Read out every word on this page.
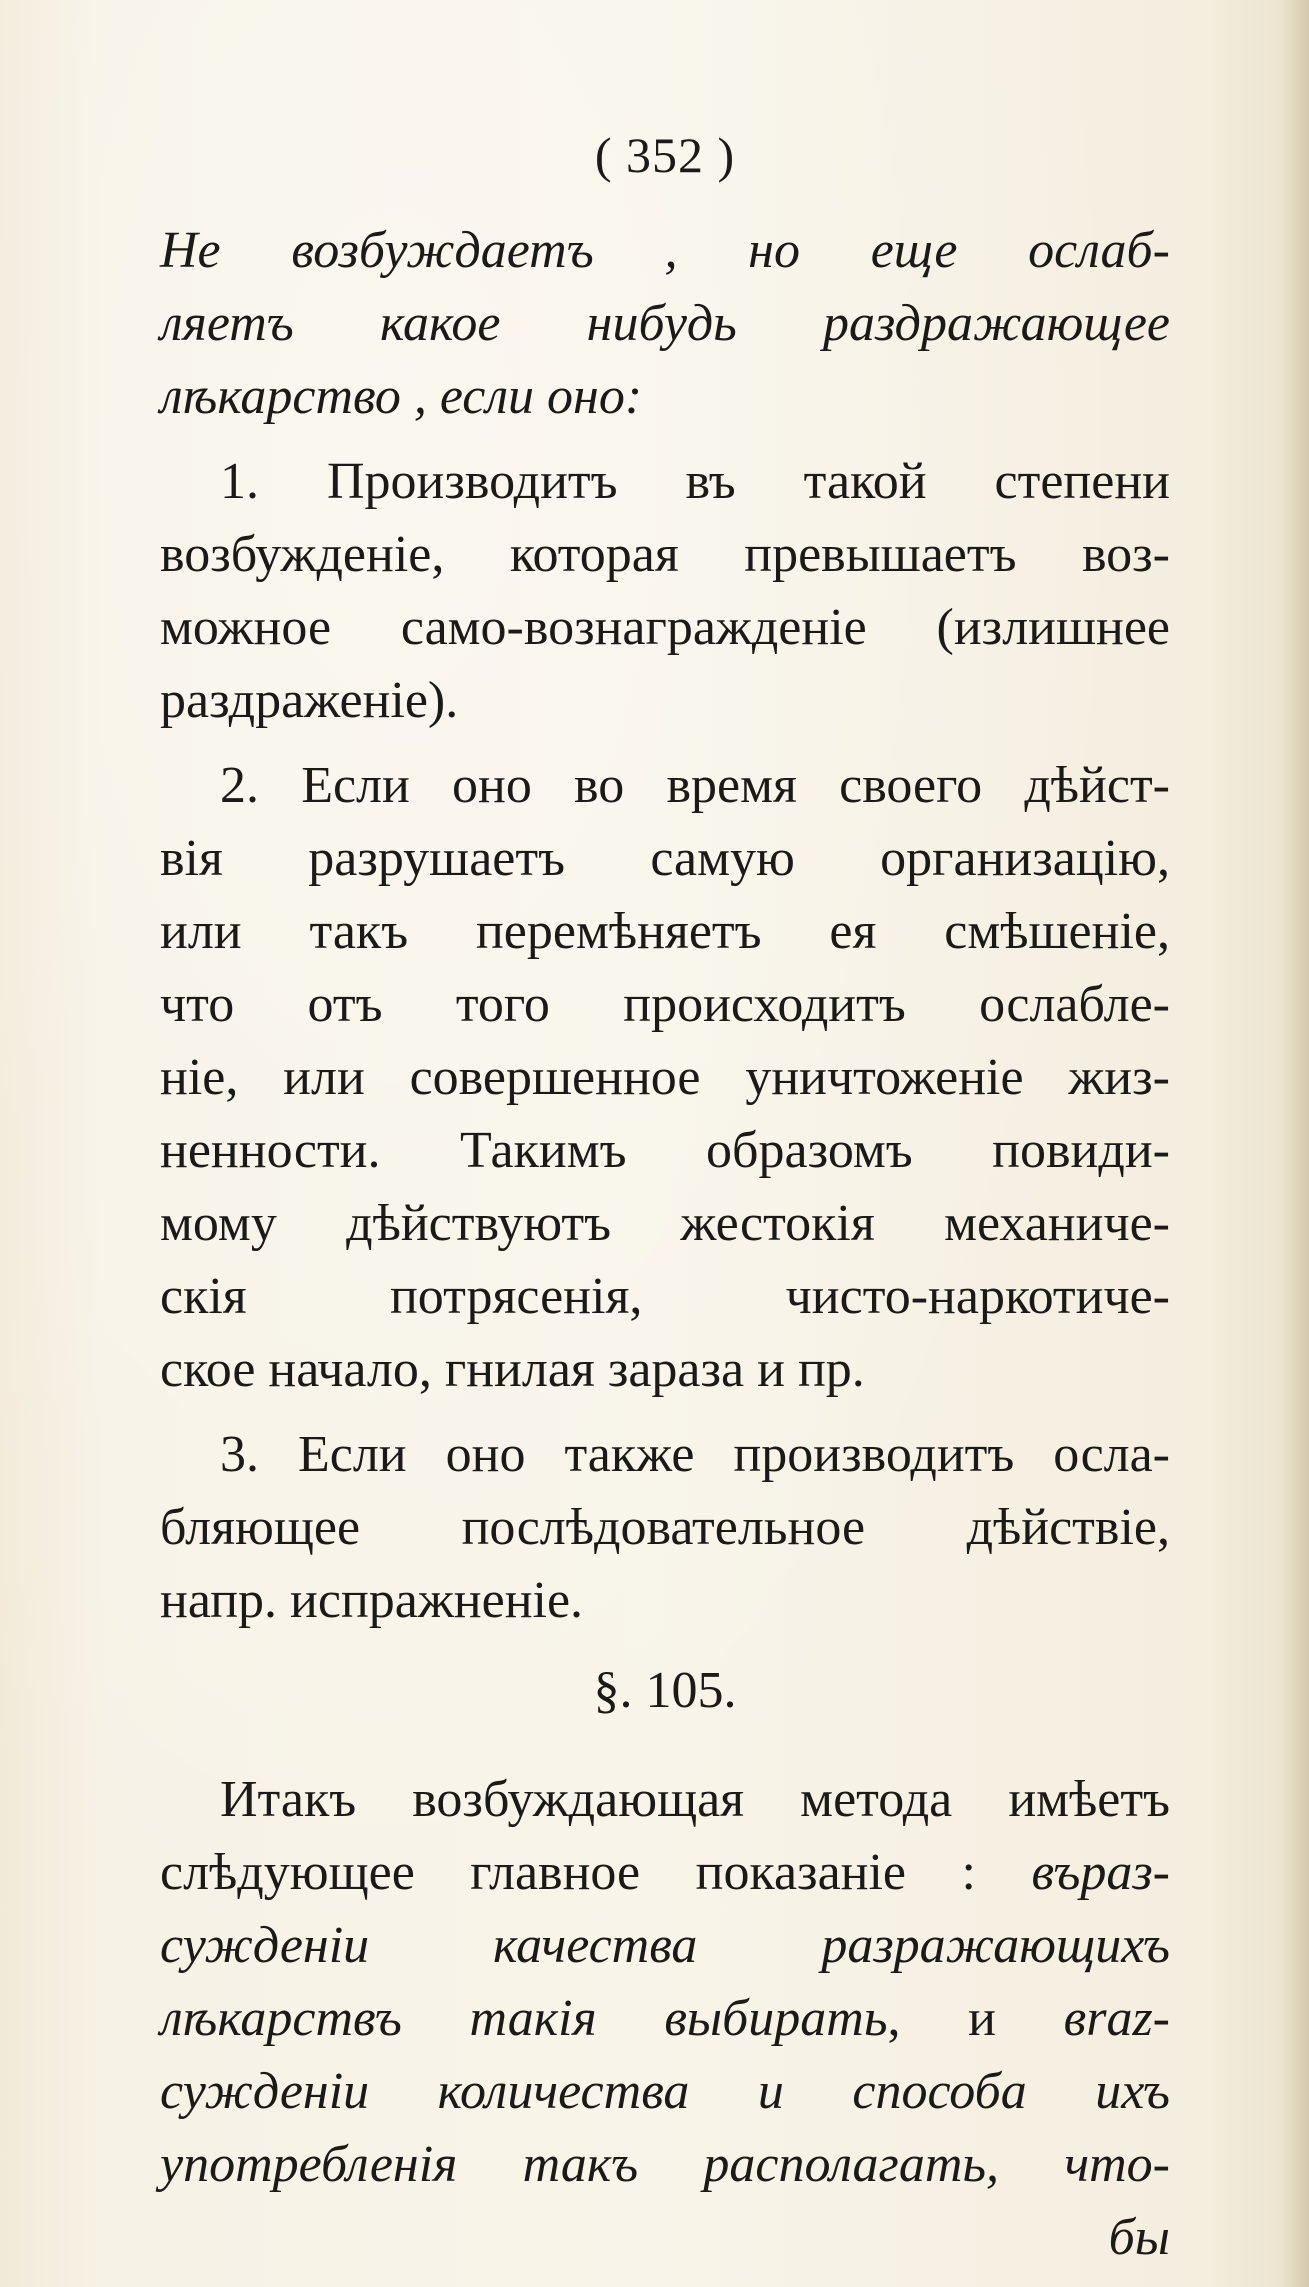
( 352 )
Не возбуждаетъ , но еще ослаб-
ляетъ какое нибудь раздражающее
лѣкарство , если оно:
1. Производитъ въ такой степени
возбужденіе, которая превышаетъ воз-
можное само-вознагражденіе (излишнее
раздраженіе).
2. Если оно во время своего дѣйст-
вія разрушаетъ самую организацію,
или такъ перемѣняетъ ея смѣшеніе,
что отъ того происходитъ ослабле-
ніе, или совершенное уничтоженіе жиз-
ненности. Такимъ образомъ повиди-
мому дѣйствуютъ жестокія механиче-
скія потрясенія, чисто-наркотиче-
ское начало, гнилая зараза и пр.
3. Если оно также производитъ осла-
бляющее послѣдовательное дѣйствіе,
напр. испражненіе.
§. 105.
Итакъ возбуждающая метода имѣетъ
слѣдующее главное показаніе : въраз-
сужденіи качества разражающихъ
лѣкарствъ такія выбирать, и вraz-
сужденіи количества и способа ихъ
употребленія такъ располагать, что-
бы
